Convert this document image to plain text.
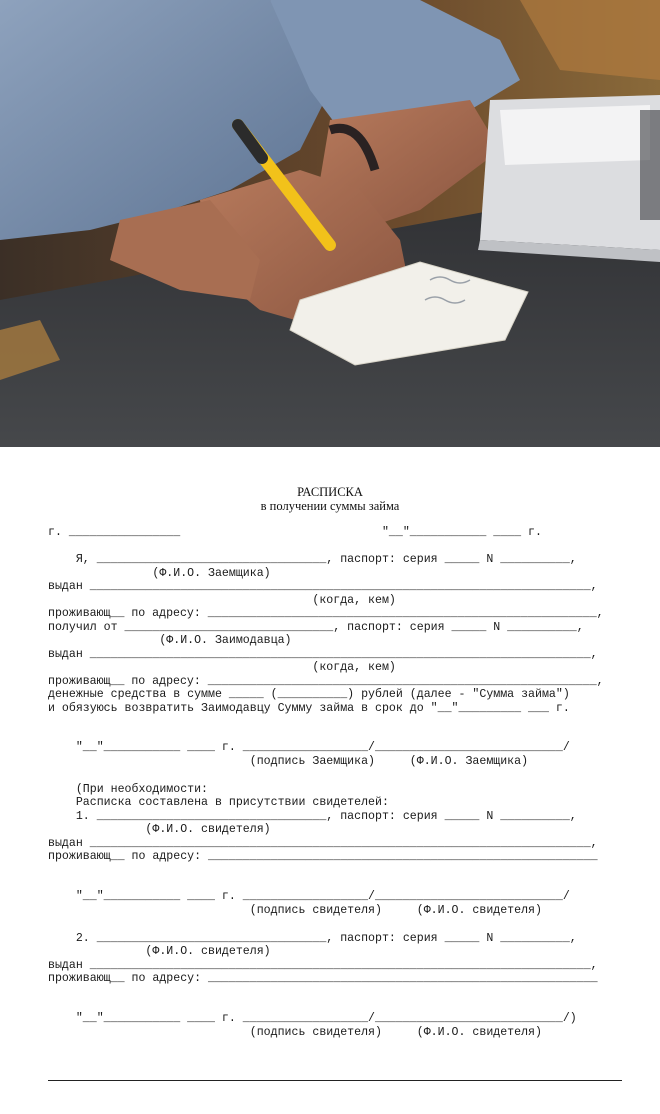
РАСПИСКА
в получении суммы займа
г. ________________                             "__"___________ ____ г.
Я, _________________________________, паспорт: серия _____ N __________,
(Ф.И.О. Заемщика)
выдан ________________________________________________________________________,
(когда, кем)
проживающ__ по адресу: ________________________________________________________,
получил от ______________________________, паспорт: серия _____ N __________,
(Ф.И.О. Заимодавца)
выдан ________________________________________________________________________,
(когда, кем)
проживающ__ по адресу: ________________________________________________________,
денежные средства в сумме _____ (__________) рублей (далее - "Сумма займа")
и обязуюсь возвратить Заимодавцу Сумму займа в срок до "__"_________ ___ г.
"__"___________ ____ г. __________________/___________________________/
(подпись Заемщика)     (Ф.И.О. Заемщика)
(При необходимости:
Расписка составлена в присутствии свидетелей:
1. _________________________________, паспорт: серия _____ N __________,
(Ф.И.О. свидетеля)
выдан ________________________________________________________________________,
проживающ__ по адресу: ________________________________________________________
"__"___________ ____ г. __________________/___________________________/
(подпись свидетеля)     (Ф.И.О. свидетеля)
2. _________________________________, паспорт: серия _____ N __________,
(Ф.И.О. свидетеля)
выдан ________________________________________________________________________,
проживающ__ по адресу: ________________________________________________________
"__"___________ ____ г. __________________/___________________________/)
(подпись свидетеля)     (Ф.И.О. свидетеля)
